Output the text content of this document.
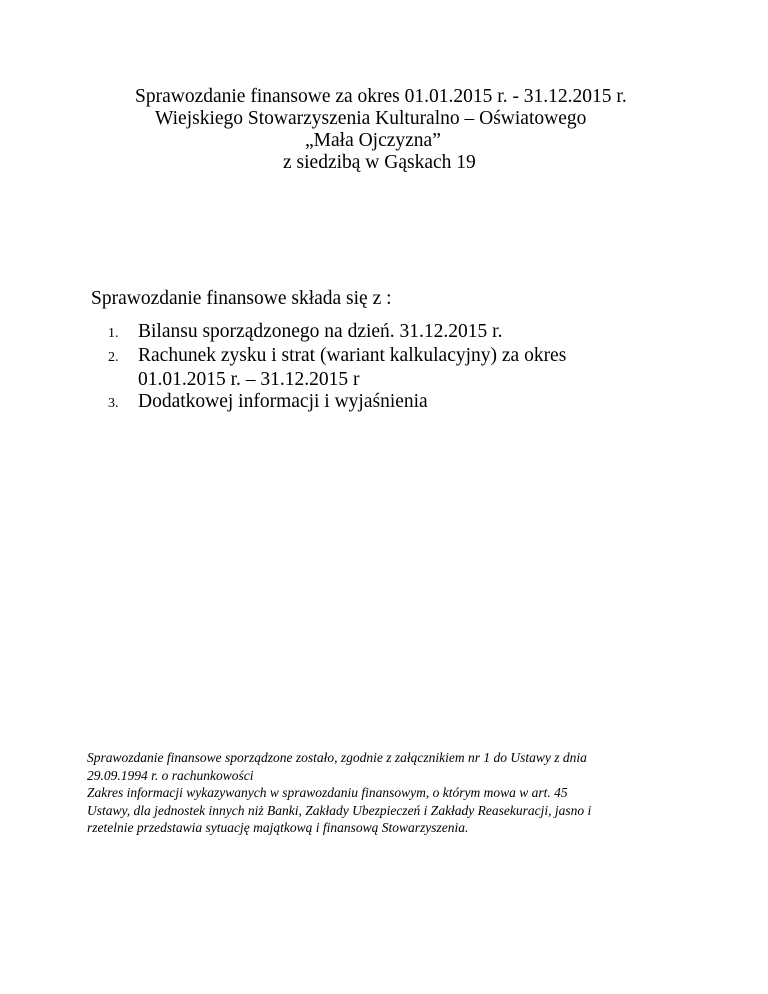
Sprawozdanie finansowe za okres 01.01.2015 r. - 31.12.2015 r.
Wiejskiego Stowarzyszenia Kulturalno – Oświatowego
„Mała Ojczyzna”
z siedzibą w Gąskach 19
Sprawozdanie finansowe składa się z :
1.	Bilansu sporządzonego na dzień. 31.12.2015 r.
2.	Rachunek zysku i strat (wariant kalkulacyjny) za okres
01.01.2015 r. – 31.12.2015 r
3.	Dodatkowej informacji i wyjaśnienia
Sprawozdanie finansowe sporządzone zostało, zgodnie z załącznikiem nr 1 do Ustawy z dnia
29.09.1994 r. o rachunkowości
Zakres informacji wykazywanych w sprawozdaniu finansowym, o którym mowa w art. 45
Ustawy, dla jednostek innych niż Banki, Zakłady Ubezpieczeń i Zakłady Reasekuracji, jasno i
rzetelnie przedstawia sytuację majątkową i finansową Stowarzyszenia.
